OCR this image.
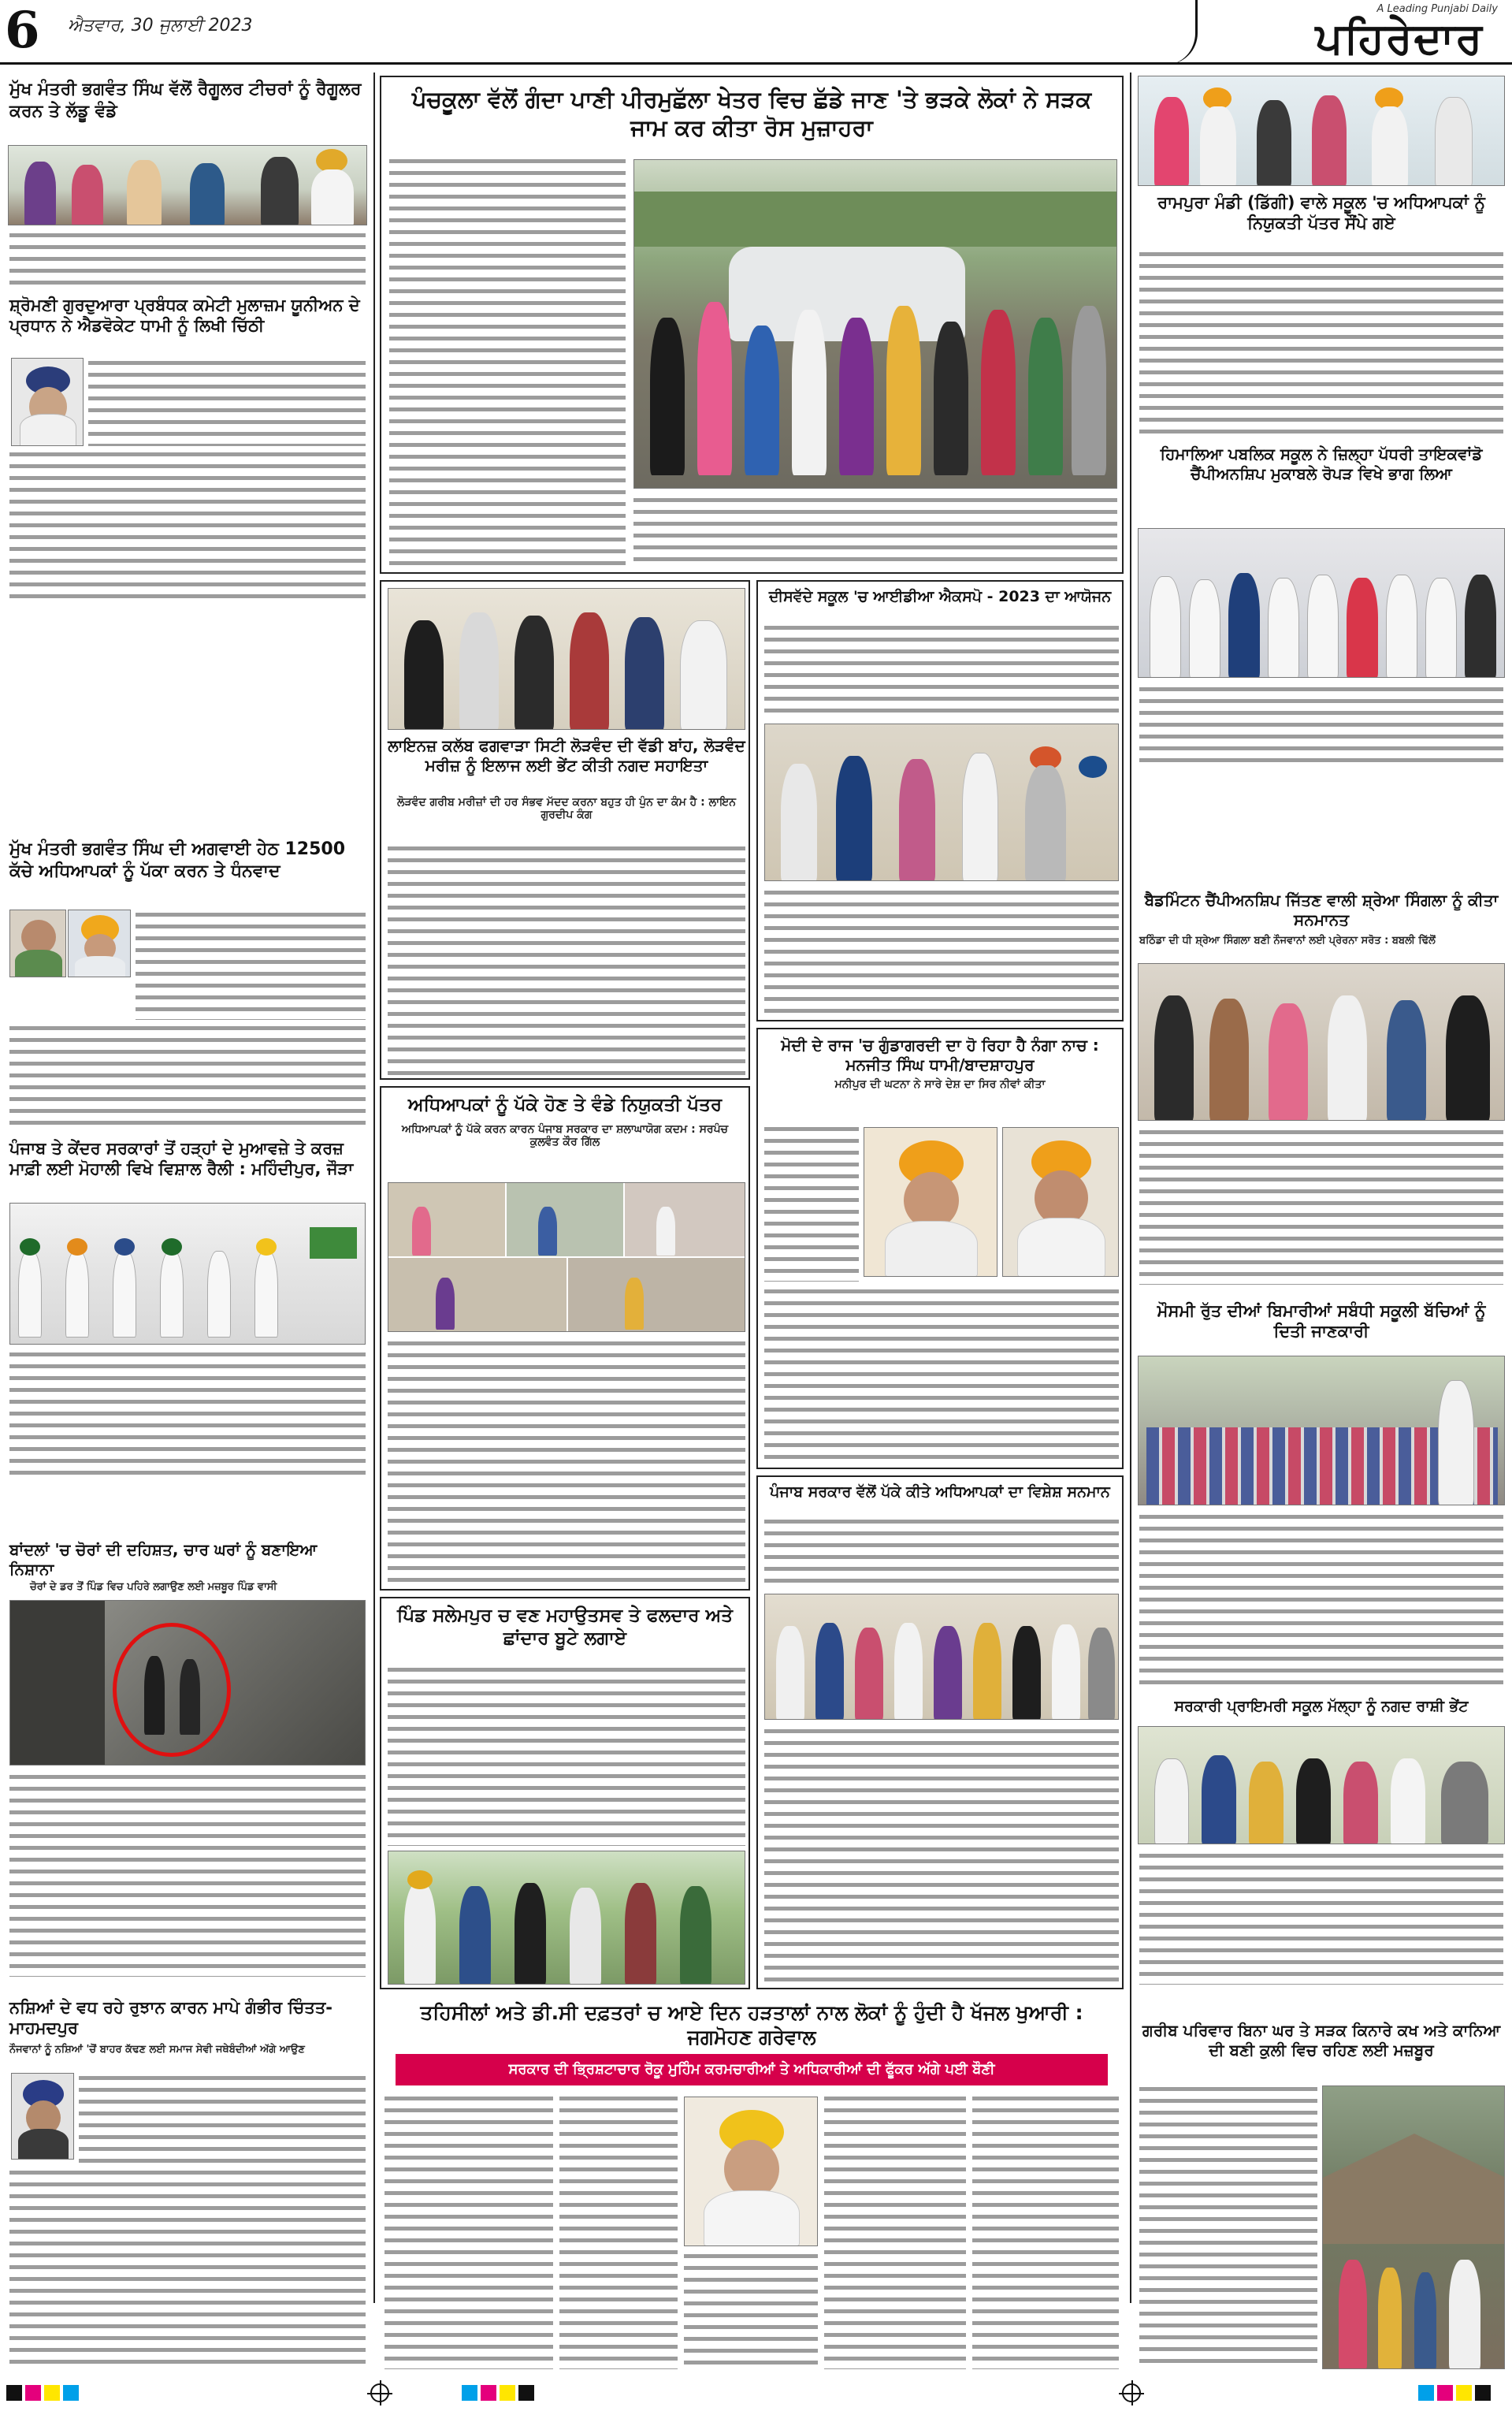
6 ਐਤਵਾਰ, 30 ਜੁਲਾਈ 2023
A Leading Punjabi Daily
ਪਹਿਰੇਦਾਰ
ਮੁੱਖ ਮੰਤਰੀ ਭਗਵੰਤ ਸਿੰਘ ਵੱਲੋਂ ਰੈਗੂਲਰ ਟੀਚਰਾਂ ਨੂੰ ਰੈਗੂਲਰ ਕਰਨ ਤੇ ਲੱਡੂ ਵੰਡੇ
ਸ਼੍ਰੋਮਣੀ ਗੁਰਦੁਆਰਾ ਪ੍ਰਬੰਧਕ ਕਮੇਟੀ ਮੁਲਾਜ਼ਮ ਯੂਨੀਅਨ ਦੇ ਪ੍ਰਧਾਨ ਨੇ ਐਡਵੋਕੇਟ ਧਾਮੀ ਨੂੰ ਲਿਖੀ ਚਿੱਠੀ
ਮੁੱਖ ਮੰਤਰੀ ਭਗਵੰਤ ਸਿੰਘ ਦੀ ਅਗਵਾਈ ਹੇਠ 12500 ਕੱਚੇ ਅਧਿਆਪਕਾਂ ਨੂੰ ਪੱਕਾ ਕਰਨ ਤੇ ਧੰਨਵਾਦ
ਪੰਜਾਬ ਤੇ ਕੇਂਦਰ ਸਰਕਾਰਾਂ ਤੋਂ ਹੜ੍ਹਾਂ ਦੇ ਮੁਆਵਜ਼ੇ ਤੇ ਕਰਜ਼ ਮਾਫ਼ੀ ਲਈ ਮੋਹਾਲੀ ਵਿਖੇ ਵਿਸ਼ਾਲ ਰੈਲੀ : ਮਹਿੰਦੀਪੁਰ, ਜੌੜਾ
ਬਾਂਦਲਾਂ 'ਚ ਚੋਰਾਂ ਦੀ ਦਹਿਸ਼ਤ, ਚਾਰ ਘਰਾਂ ਨੂੰ ਬਣਾਇਆ ਨਿਸ਼ਾਨਾ
ਚੋਰਾਂ ਦੇ ਡਰ ਤੋਂ ਪਿੰਡ ਵਿਚ ਪਹਿਰੇ ਲਗਾਉਣ ਲਈ ਮਜ਼ਬੂਰ ਪਿੰਡ ਵਾਸੀ
ਨਸ਼ਿਆਂ ਦੇ ਵਧ ਰਹੇ ਰੁਝਾਨ ਕਾਰਨ ਮਾਪੇ ਗੰਭੀਰ ਚਿੰਤਤ-ਮਾਹਮਦਪੁਰ
ਨੌਜਵਾਨਾਂ ਨੂੰ ਨਸ਼ਿਆਂ 'ਚੋਂ ਬਾਹਰ ਕੱਢਣ ਲਈ ਸਮਾਜ ਸੇਵੀ ਜਥੇਬੰਦੀਆਂ ਅੱਗੇ ਆਉਣ
ਪੰਚਕੂਲਾ ਵੱਲੋਂ ਗੰਦਾ ਪਾਣੀ ਪੀਰਮੁਛੱਲਾ ਖੇਤਰ ਵਿਚ ਛੱਡੇ ਜਾਣ 'ਤੇ ਭੜਕੇ ਲੋਕਾਂ ਨੇ ਸੜਕ ਜਾਮ ਕਰ ਕੀਤਾ ਰੋਸ ਮੁਜ਼ਾਹਰਾ
ਲਾਇਨਜ਼ ਕਲੱਬ ਫਗਵਾੜਾ ਸਿਟੀ ਲੋੜਵੰਦ ਦੀ ਵੱਡੀ ਬਾਂਹ, ਲੋੜਵੰਦ ਮਰੀਜ਼ ਨੂੰ ਇਲਾਜ ਲਈ ਭੇਂਟ ਕੀਤੀ ਨਗਦ ਸਹਾਇਤਾ
ਲੋੜਵੰਦ ਗਰੀਬ ਮਰੀਜ਼ਾਂ ਦੀ ਹਰ ਸੰਭਵ ਮੱਦਦ ਕਰਨਾ ਬਹੁਤ ਹੀ ਪੁੰਨ ਦਾ ਕੰਮ ਹੈ : ਲਾਇਨ ਗੁਰਦੀਪ ਕੰਗ
ਅਧਿਆਪਕਾਂ ਨੂੰ ਪੱਕੇ ਹੋਣ ਤੇ ਵੰਡੇ ਨਿਯੁਕਤੀ ਪੱਤਰ
ਅਧਿਆਪਕਾਂ ਨੂੰ ਪੱਕੇ ਕਰਨ ਕਾਰਨ ਪੰਜਾਬ ਸਰਕਾਰ ਦਾ ਸ਼ਲਾਘਾਯੋਗ ਕਦਮ : ਸਰਪੰਚ ਕੁਲਵੰਤ ਕੌਰ ਗਿੱਲ
ਪਿੰਡ ਸਲੇਮਪੁਰ ਚ ਵਣ ਮਹਾਉਤਸਵ ਤੇ ਫਲਦਾਰ ਅਤੇ ਛਾਂਦਾਰ ਬੂਟੇ ਲਗਾਏ
ਦੀਸਵੱਦੇ ਸਕੂਲ 'ਚ ਆਈਡੀਆ ਐਕਸਪੋ - 2023 ਦਾ ਆਯੋਜਨ
ਮੋਦੀ ਦੇ ਰਾਜ 'ਚ ਗੁੰਡਾਗਰਦੀ ਦਾ ਹੋ ਰਿਹਾ ਹੈ ਨੰਗਾ ਨਾਚ : ਮਨਜੀਤ ਸਿੰਘ ਧਾਮੀ/ਬਾਦਸ਼ਾਹਪੁਰ
ਮਨੀਪੁਰ ਦੀ ਘਟਨਾ ਨੇ ਸਾਰੇ ਦੇਸ਼ ਦਾ ਸਿਰ ਨੀਵਾਂ ਕੀਤਾ
ਪੰਜਾਬ ਸਰਕਾਰ ਵੱਲੋਂ ਪੱਕੇ ਕੀਤੇ ਅਧਿਆਪਕਾਂ ਦਾ ਵਿਸ਼ੇਸ਼ ਸਨਮਾਨ
ਤਹਿਸੀਲਾਂ ਅਤੇ ਡੀ.ਸੀ ਦਫ਼ਤਰਾਂ ਚ ਆਏ ਦਿਨ ਹੜਤਾਲਾਂ ਨਾਲ ਲੋਕਾਂ ਨੂੰ ਹੁੰਦੀ ਹੈ ਖੱਜਲ ਖੁਆਰੀ : ਜਗਮੋਹਣ ਗਰੇਵਾਲ
ਸਰਕਾਰ ਦੀ ਭ੍ਰਿਸ਼ਟਾਚਾਰ ਰੋਕੂ ਮੁਹਿੰਮ ਕਰਮਚਾਰੀਆਂ ਤੇ ਅਧਿਕਾਰੀਆਂ ਦੀ ਫੂੱਕਰ ਅੱਗੇ ਪਈ ਬੌਣੀ
ਰਾਮਪੁਰਾ ਮੰਡੀ (ਡਿੱਗੀ) ਵਾਲੇ ਸਕੂਲ 'ਚ ਅਧਿਆਪਕਾਂ ਨੂੰ ਨਿਯੁਕਤੀ ਪੱਤਰ ਸੌਂਪੇ ਗਏ
ਹਿਮਾਲਿਆ ਪਬਲਿਕ ਸਕੂਲ ਨੇ ਜ਼ਿਲ੍ਹਾ ਪੱਧਰੀ ਤਾਇਕਵਾਂਡੋ ਚੈਂਪੀਅਨਸ਼ਿਪ ਮੁਕਾਬਲੇ ਰੋਪੜ ਵਿਖੇ ਭਾਗ ਲਿਆ
ਬੈਡਮਿੰਟਨ ਚੈਂਪੀਅਨਸ਼ਿਪ ਜਿੱਤਣ ਵਾਲੀ ਸ਼੍ਰੇਆ ਸਿੰਗਲਾ ਨੂੰ ਕੀਤਾ ਸਨਮਾਨਤ
ਬਠਿੰਡਾ ਦੀ ਧੀ ਸ਼੍ਰੇਆ ਸਿੰਗਲਾ ਬਣੀ ਨੌਜਵਾਨਾਂ ਲਈ ਪ੍ਰੇਰਨਾ ਸਰੋਤ : ਬਬਲੀ ਢਿੱਲੋਂ
ਮੌਸਮੀ ਰੁੱਤ ਦੀਆਂ ਬਿਮਾਰੀਆਂ ਸਬੰਧੀ ਸਕੂਲੀ ਬੱਚਿਆਂ ਨੂੰ ਦਿਤੀ ਜਾਣਕਾਰੀ
ਸਰਕਾਰੀ ਪ੍ਰਾਇਮਰੀ ਸਕੂਲ ਮੱਲ੍ਹਾ ਨੂੰ ਨਗਦ ਰਾਸ਼ੀ ਭੇਂਟ
ਗਰੀਬ ਪਰਿਵਾਰ ਬਿਨਾ ਘਰ ਤੇ ਸੜਕ ਕਿਨਾਰੇ ਕਖ ਅਤੇ ਕਾਨਿਆ ਦੀ ਬਣੀ ਕੁਲੀ ਵਿਚ ਰਹਿਣ ਲਈ ਮਜ਼ਬੂਰ
